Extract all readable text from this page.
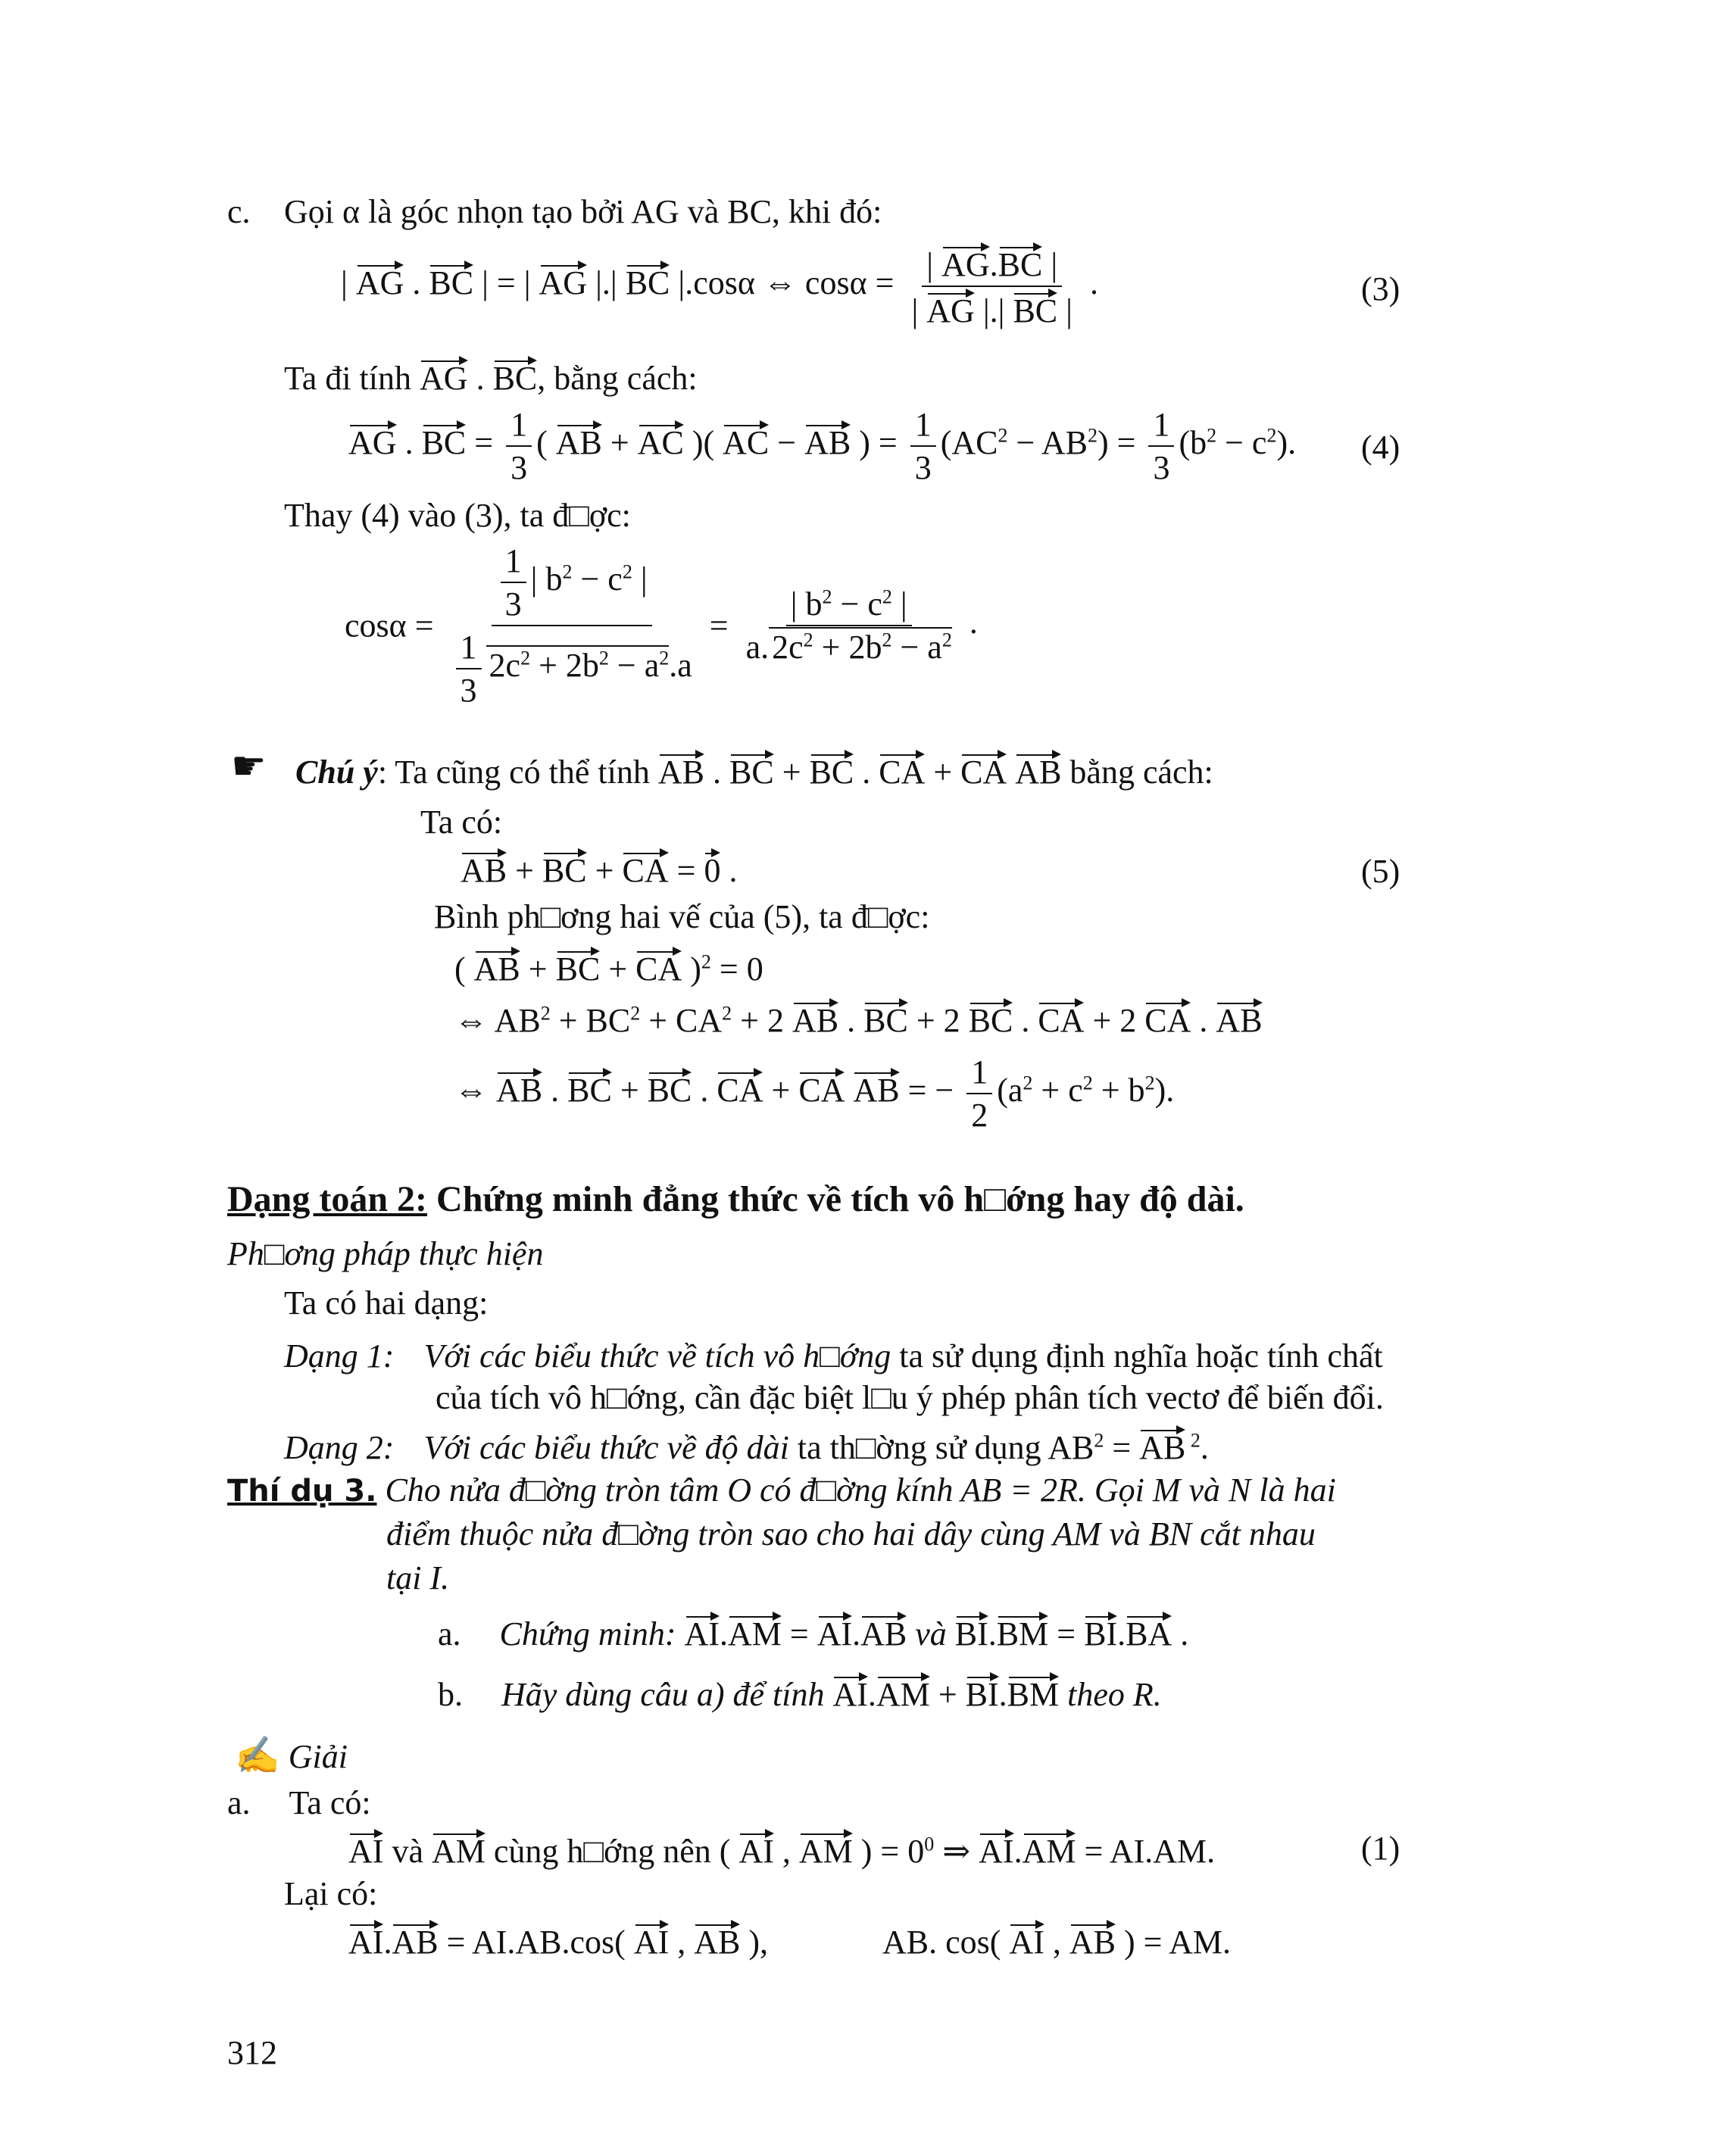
c. Gọi α là góc nhọn tạo bởi AG và BC, khi đó:
| AG . BC | = | AG |.| BC |.cosα ⇔ $\cos\alpha = \frac{| AG.BC |}{| AG |.| BC |}$ .	(3)
Ta đi tính AG . BC, bằng cách:
AG . BC = $\frac{1}{3}$ ( AB + AC )( AC − AB ) = $\frac{1}{3} (AC^2 - AB^2) = \frac{1}{3} (b^2 - c^2)$. (4)
Thay (4) vào (3), ta đ□ợc:
$\cos\alpha = \frac{\frac{1}{3} | b^2 - c^2 |}{\frac{1}{3} 2c^2 + 2b^2 - a^2.a} = \frac{| b^2 - c^2 |}{a.2c^2 + 2b^2 - a^2}$ .
☛ Chú ý: Ta cũng có thể tính AB . BC + BC . CA + CA AB bằng cách:
Ta có:
AB + BC + CA = 0 .	(5)
Bình ph□ơng hai vế của (5), ta đ□ợc:
( AB + BC + CA )$^2$ = 0
⇔ $AB^2 + BC^2 + CA^2 + 2$ AB . BC + 2 BC . CA + 2 CA . AB
⇔ AB . BC + BC . CA + CA AB = − $\frac{1}{2} (a^2 + c^2 + b^2)$.
Dạng toán 2: Chứng minh đẳng thức về tích vô h□ớng hay độ dài.
Ph□ơng pháp thực hiện
Ta có hai dạng:
Dạng 1: Với các biểu thức về tích vô h□ớng ta sử dụng định nghĩa hoặc tính chất
của tích vô h□ớng, cần đặc biệt l□u ý phép phân tích vectơ để biến đổi.
Dạng 2: Với các biểu thức về độ dài ta th□ờng sử dụng $AB^2$ = AB $^2$.
Thí dụ 3. Cho nửa đ□ờng tròn tâm O có đ□ờng kính AB = 2R. Gọi M và N là hai
điểm thuộc nửa đ□ờng tròn sao cho hai dây cùng AM và BN cắt nhau
tại I.
a. Chứng minh: AI.AM = AI.AB và BI.BM = BI.BA .
b. Hãy dùng câu a) để tính AI.AM + BI.BM theo R.
✍ Giải
a. Ta có:
AI và AM cùng h□ớng nên ( AI , AM ) = $0^0$ ⇒ AI.AM = AI.AM.	(1)
Lại có:
AI.AB = AI.AB.cos( AI , AB ),	AB. cos( AI , AB ) = AM.
312
